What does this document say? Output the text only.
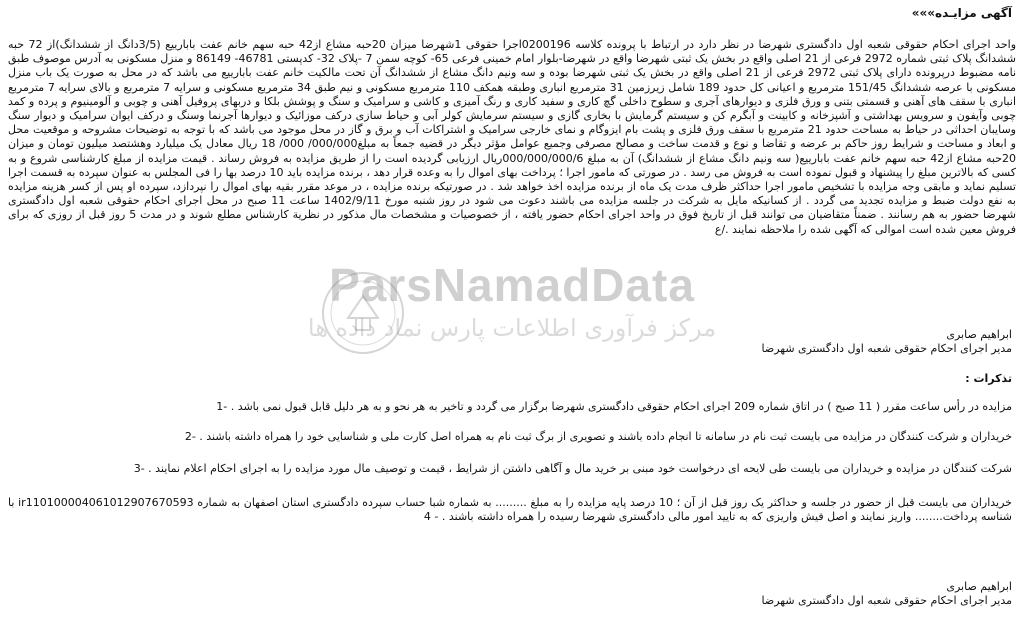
آگهی مزایـده»»»
واحد اجرای احکام حقوقی شعبه اول دادگستری شهرضا در نظر دارد در ارتباط با پرونده کلاسه 0200196اجرا حقوقی 1شهرضا میزان 20حبه مشاع از42 حبه سهم خانم عفت بابارییع (3/5دانگ از ششدانگ)از 72 حبه ششدانگ پلاک ثبتی شماره 2972 فرعی از 21 اصلی واقع در بخش یک ثبتی شهرضا واقع در شهرضا-بلوار امام خمینی فرعی 65- کوچه سمن 7 -پلاک 32- کدپستی 46781- 86149 و منزل مسکونی به آدرس موصوف طبق نامه مضبوط درپرونده دارای پلاک ثبتی 2972 فرعی از 21 اصلی واقع در بخش یک ثبتی شهرضا بوده و سه ونیم دانگ مشاع از ششدانگ آن تحت مالکیت خانم عفت بابارییع می باشد که در محل به صورت یک باب منزل مسکونی با عرصه ششدانگ 151/45 مترمربع و اعیانی کل حدود 189 شامل زیرزمین 31 مترمربع انباری وطبقه همکف 110 مترمربع مسکونی و نیم طبق 34 مترمربع مسکونی و سرایه 7 مترمربع و بالای سرایه 7 مترمربع انباری با سقف های آهنی و قسمتی بتنی و ورق فلزی و دیوارهای آجری و سطوح داخلی گچ کاری و سفید کاری و رنگ آمیزی و کاشی و سرامیک و سنگ و پوشش بلکا و دربهای پروفیل آهنی و چوبی و آلومینیوم و پرده و کمد چوبی وآیفون و سرویس بهداشتی و آشپزخانه و کابینت و آبگرم کن و سیستم گرمایش با بخاری گازی و سیستم سرمایش کولر آبی و حیاط سازی درکف موزائیک و دیوارها آجرنما وسنگ و درکف ایوان سرامیک و دیوار سنگ وسایبان احداثی در حیاط به مساحت حدود 21 مترمربع با سقف ورق فلزی و پشت بام ایزوگام و نمای خارجی سرامیک و اشتراکات آب و برق و گاز در محل موجود می باشد که با توجه به توضیحات مشروحه و موقعیت محل و ابعاد و مساحت و شرایط روز حاکم بر عرضه و تقاضا و نوع و قدمت ساخت و مصالح مصرفی وجمیع عوامل مؤثر دیگر در قضیه جمعاً به مبلغ000/000/ 000/ 18 ریال معادل یک میلیارد وهشتصد میلیون تومان و میزان 20حبه مشاع از42 حبه سهم خانم عفت بابارییع( سه ونیم دانگ مشاع از ششدانگ) آن به مبلغ 000/000/000/6ریال ارزیابی گردیده است را از طریق مزایده به فروش رساند . قیمت مزایده از مبلغ کارشناسی شروع و به کسی که بالاترین مبلغ را پیشنهاد و قبول نموده است به فروش می رسد . در صورتی که مامور اجرا ؛ پرداخت بهای اموال را به وعده قرار دهد ، برنده مزایده باید 10 درصد بها را فی المجلس به عنوان سپرده به قسمت اجرا تسلیم نماید و مابقی وجه مزایده با تشخیص مامور اجرا حداکثر ظرف مدت یک ماه از برنده مزایده اخذ خواهد شد . در صورتیکه برنده مزایده ، در موعد مقرر بقیه بهای اموال را نپردازد، سپرده او پس از کسر هزینه مزایده به نفع دولت ضبط و مزایده تجدید می گردد . از کسانیکه مایل به شرکت در جلسه مزایده می باشند دعوت می شود در روز شنبه مورخ 1402/9/11 ساعت 11 صبح در محل اجرای احکام حقوقی شعبه اول دادگستری شهرضا حضور به هم رسانند . ضمناً متقاضیان می توانند قبل از تاریخ فوق در واحد اجرای احکام حضور یافته ، از خصوصیات و مشخصات مال مذکور در نظریة کارشناس مطلع شوند و در مدت 5 روز قبل از روزی که برای فروش معین شده است اموالی که آگهی شده را ملاحظه نمایند ./ع
ابراهیم صابری
مدیر اجرای احکام حقوقی شعبه اول دادگستری شهرضا
تذکرات :
مزایده در رأس ساعت مقرر ( 11 صبح ) در اتاق شماره 209 اجرای احکام حقوقی دادگستری شهرضا برگزار می گردد و تاخیر به هر نحو و به هر دلیل قابل قبول نمی باشد . -1
خریداران و شرکت کنندگان در مزایده می بایست ثبت نام در سامانه تا انجام داده باشند و تصویری از برگ ثبت نام به همراه اصل کارت ملی و شناسایی خود را همراه داشته باشند . -2
شرکت کنندگان در مزایده و خریداران می بایست طی لایحه ای درخواست خود مبنی بر خرید مال و آگاهی داشتن از شرایط ، قیمت و توصیف مال مورد مزایده را به اجرای احکام اعلام نمایند . -3
خریداران می بایست قبل از حضور در جلسه و حداکثر یک روز قبل از آن ؛ 10 درصد پایه مزایده را به مبلغ ......... به شماره شبا حساب سپرده دادگستری استان اصفهان به شماره ir110100004061012907670593 با شناسه پرداخت........ واریز نمایند و اصل فیش واریزی که به تایید امور مالی دادگستری شهرضا رسیده را همراه داشته باشند . - 4
ابراهیم صابری
مدیر اجرای احکام حقوقی شعبه اول دادگستری شهرضا
ParsNamadData
مرکز فرآوری اطلاعات پارس نماد داده ها
